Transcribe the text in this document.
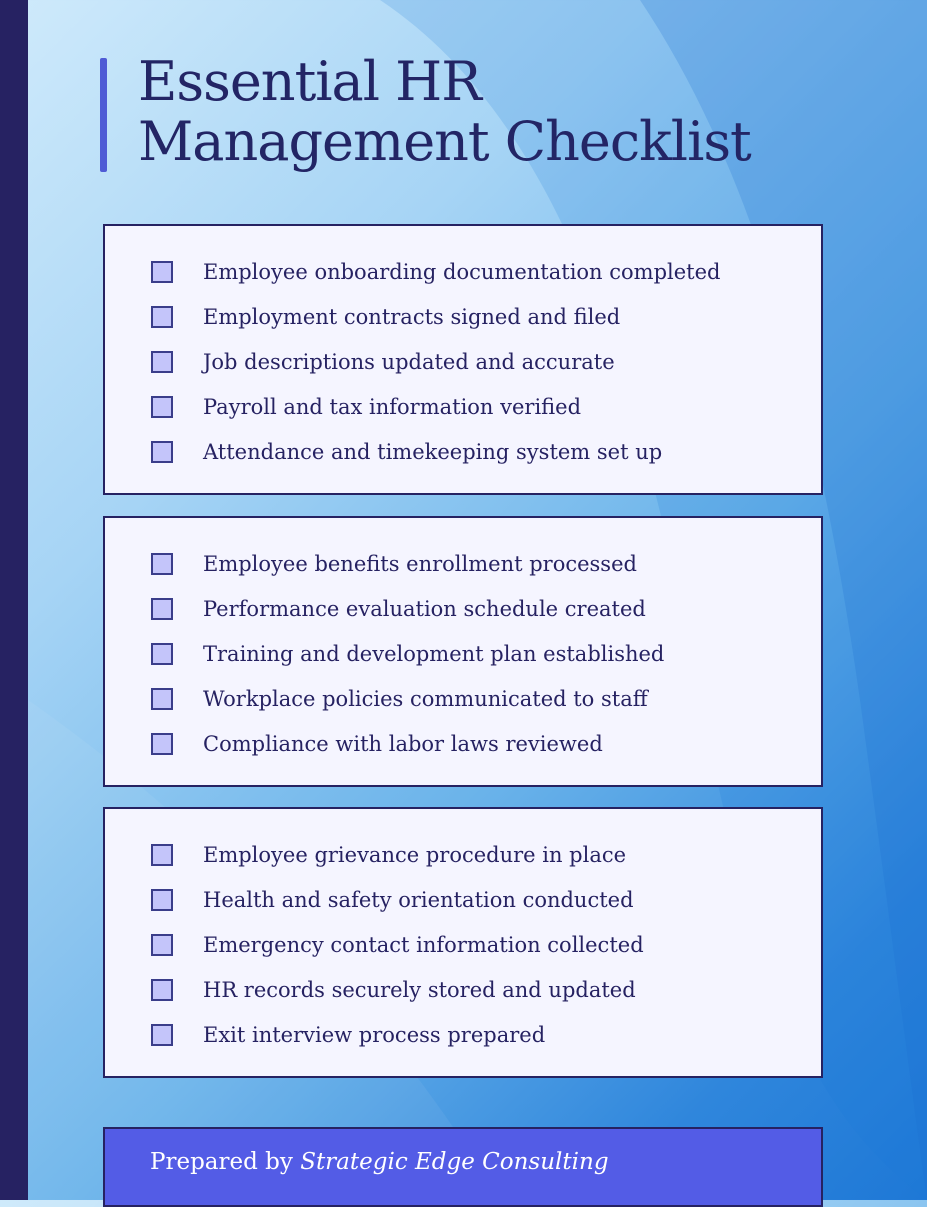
Essential HR
Management Checklist
Employee onboarding documentation completed
Employment contracts signed and filed
Job descriptions updated and accurate
Payroll and tax information verified
Attendance and timekeeping system set up
Employee benefits enrollment processed
Performance evaluation schedule created
Training and development plan established
Workplace policies communicated to staff
Compliance with labor laws reviewed
Employee grievance procedure in place
Health and safety orientation conducted
Emergency contact information collected
HR records securely stored and updated
Exit interview process prepared
Prepared by Strategic Edge Consulting
